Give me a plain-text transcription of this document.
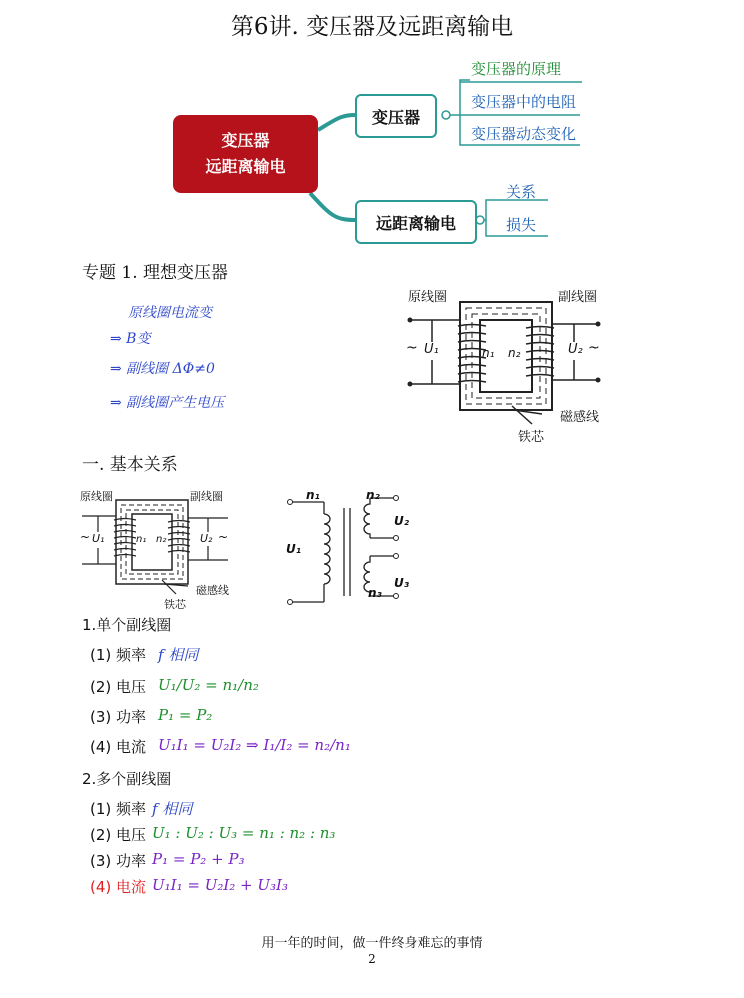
第6讲. 变压器及远距离输电
变压器
远距离输电
变压器
变压器的原理
变压器中的电阻
变压器动态变化
远距离输电
关系
损失
专题 1. 理想变压器
原线圈电流变
⇒ B变
⇒ 副线圈 ΔΦ≠0
⇒ 副线圈产生电压
原线圈	副线圈
~ U₁	U₂ ~
n₁ n₂
磁感线
铁芯
一. 基本关系
原线圈	副线圈
~ U₁	n₁ n₂	U₂ ~
磁感线
铁芯
n₁
U₁
n₂
U₂
U₃
n₃
1.单个副线圈
(1) 频率 f 相同
(2) 电压 U₁/U₂ = n₁/n₂
(3) 功率 P₁ = P₂
(4) 电流 U₁I₁ = U₂I₂ ⇒ I₁/I₂ = n₂/n₁
2.多个副线圈
(1) 频率 f 相同
(2) 电压 U₁ : U₂ : U₃ = n₁ : n₂ : n₃
(3) 功率 P₁ = P₂ + P₃
(4) 电流 U₁I₁ = U₂I₂ + U₃I₃
用一年的时间，做一件终身难忘的事情
2
